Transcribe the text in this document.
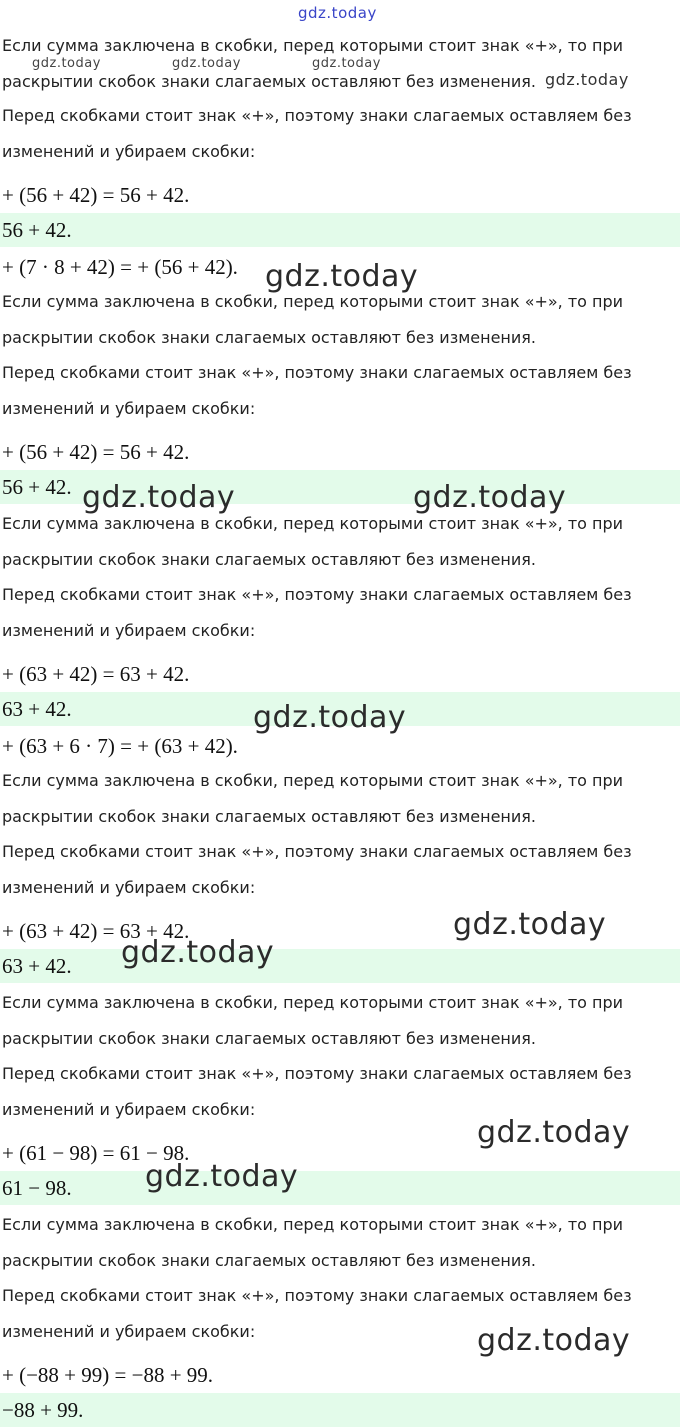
gdz.today
Если сумма заключена в скобки, перед которыми стоит знак «+», то при
gdz.today	gdz.today	gdz.today
раскрытии скобок знаки слагаемых оставляют без изменения. gdz.today
Перед скобками стоит знак «+», поэтому знаки слагаемых оставляем без
изменений и убираем скобки:
+ (56 + 42) = 56 + 42.
56 + 42.
+ (7 · 8 + 42) = + (56 + 42). gdz.today
Если сумма заключена в скобки, перед которыми стоит знак «+», то при
раскрытии скобок знаки слагаемых оставляют без изменения.
Перед скобками стоит знак «+», поэтому знаки слагаемых оставляем без
изменений и убираем скобки:
+ (56 + 42) = 56 + 42.
56 + 42. gdz.today	gdz.today
Если сумма заключена в скобки, перед которыми стоит знак «+», то при
раскрытии скобок знаки слагаемых оставляют без изменения.
Перед скобками стоит знак «+», поэтому знаки слагаемых оставляем без
изменений и убираем скобки:
+ (63 + 42) = 63 + 42.
63 + 42.	gdz.today
+ (63 + 6 · 7) = + (63 + 42).
Если сумма заключена в скобки, перед которыми стоит знак «+», то при
раскрытии скобок знаки слагаемых оставляют без изменения.
Перед скобками стоит знак «+», поэтому знаки слагаемых оставляем без
изменений и убираем скобки:
+ (63 + 42) = 63 + 42.	gdz.today
63 + 42. gdz.today
Если сумма заключена в скобки, перед которыми стоит знак «+», то при
раскрытии скобок знаки слагаемых оставляют без изменения.
Перед скобками стоит знак «+», поэтому знаки слагаемых оставляем без
изменений и убираем скобки:
gdz.today
+ (61 − 98) = 61 − 98.
61 − 98. gdz.today
Если сумма заключена в скобки, перед которыми стоит знак «+», то при
раскрытии скобок знаки слагаемых оставляют без изменения.
Перед скобками стоит знак «+», поэтому знаки слагаемых оставляем без
изменений и убираем скобки:	gdz.today
+ (−88 + 99) = −88 + 99.
−88 + 99.
